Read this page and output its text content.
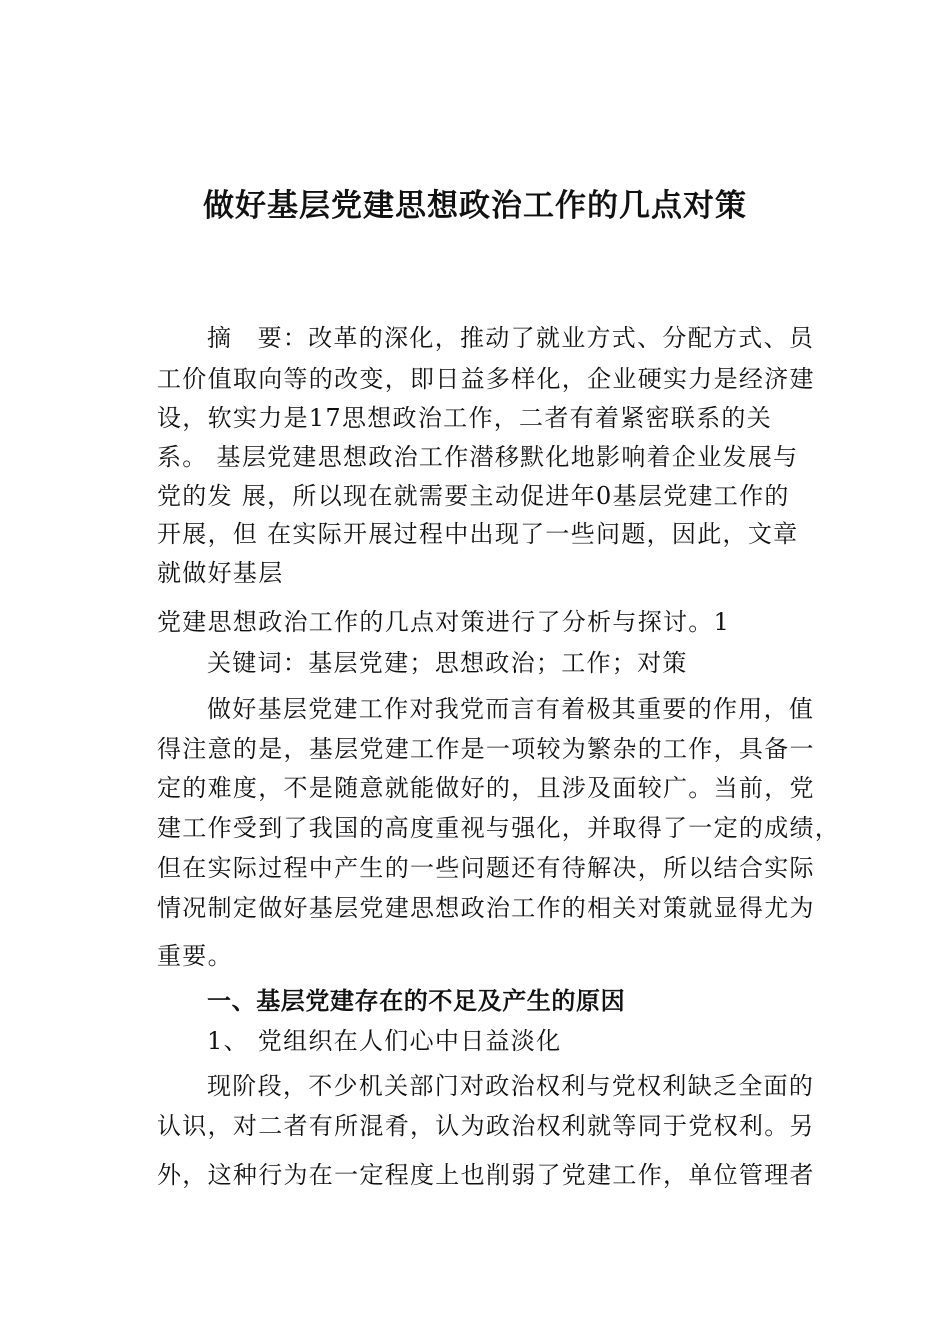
做好基层党建思想政治工作的几点对策
摘　要：改革的深化，推动了就业方式、分配方式、员
工价值取向等的改变，即日益多样化，企业硬实力是经济建
设，软实力是17思想政治工作，二者有着紧密联系的关
系。 基层党建思想政治工作潜移默化地影响着企业发展与
党的发 展，所以现在就需要主动促进年0基层党建工作的
开展，但 在实际开展过程中出现了一些问题，因此，文章
就做好基层
党建思想政治工作的几点对策进行了分析与探讨。1
关键词：基层党建；思想政治；工作；对策
做好基层党建工作对我党而言有着极其重要的作用，值
得注意的是，基层党建工作是一项较为繁杂的工作，具备一
定的难度，不是随意就能做好的，且涉及面较广。当前，党
建工作受到了我国的高度重视与强化，并取得了一定的成绩，
但在实际过程中产生的一些问题还有待解决，所以结合实际
情况制定做好基层党建思想政治工作的相关对策就显得尤为
重要。
一、基层党建存在的不足及产生的原因
1、 党组织在人们心中日益淡化
现阶段，不少机关部门对政治权利与党权利缺乏全面的
认识，对二者有所混肴，认为政治权利就等同于党权利。另
外，这种行为在一定程度上也削弱了党建工作，单位管理者
